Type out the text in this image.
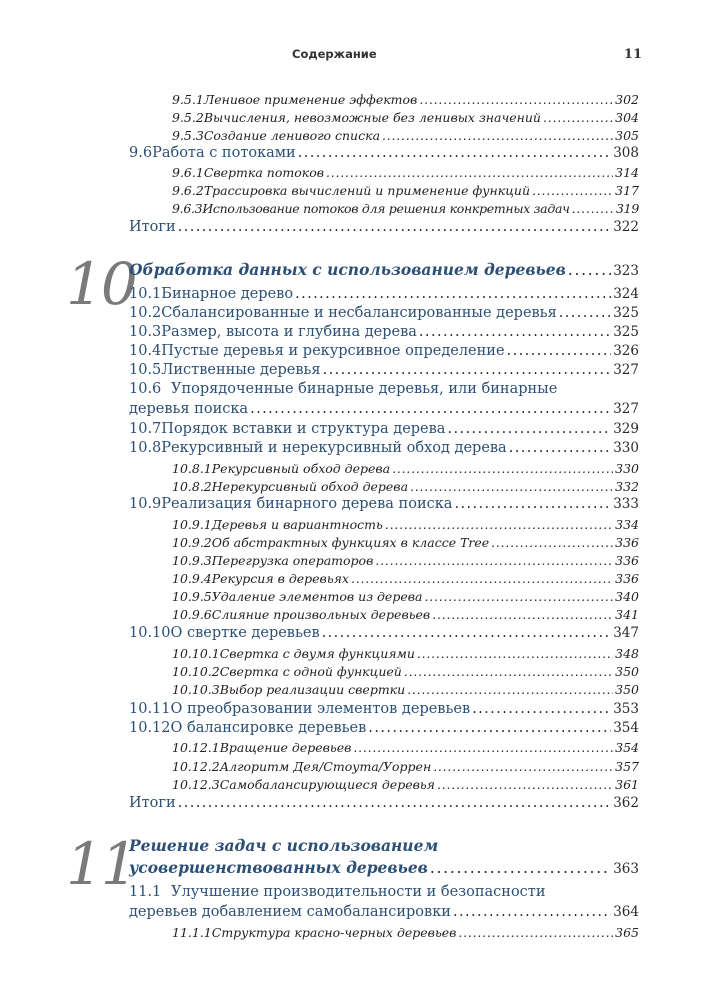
Содержание	11
9.5.1 Ленивое применение эффектов . . .	302
9.5.2 Вычисления, невозможные без ленивых значений . . .	304
9.5.3 Создание ленивого списка . . .	305
9.6 Работа с потоками . . .	308
9.6.1 Свертка потоков . . .	314
9.6.2 Трассировка вычислений и применение функций . . .	317
9.6.3 Использование потоков для решения конкретных задач . . .	319
Итоги . . .	322
10
Обработка данных с использованием деревьев . . .	323
10.1 Бинарное дерево . . .	324
10.2 Сбалансированные и несбалансированные деревья . . .	325
10.3 Размер, высота и глубина дерева . . .	325
10.4 Пустые деревья и рекурсивное определение . . .	326
10.5 Лиственные деревья . . .	327
10.6 Упорядоченные бинарные деревья, или бинарные
деревья поиска . . .	327
10.7 Порядок вставки и структура дерева . . .	329
10.8 Рекурсивный и нерекурсивный обход дерева . . .	330
10.8.1 Рекурсивный обход дерева . . .	330
10.8.2 Нерекурсивный обход дерева . . .	332
10.9 Реализация бинарного дерева поиска . . .	333
10.9.1 Деревья и вариантность . . .	334
10.9.2 Об абстрактных функциях в классе Tree . . .	336
10.9.3 Перегрузка операторов . . .	336
10.9.4 Рекурсия в деревьях . . .	336
10.9.5 Удаление элементов из дерева . . .	340
10.9.6 Слияние произвольных деревьев . . .	341
10.10 О свертке деревьев . . .	347
10.10.1 Свертка с двумя функциями . . .	348
10.10.2 Свертка с одной функцией . . .	350
10.10.3 Выбор реализации свертки . . .	350
10.11 О преобразовании элементов деревьев . . .	353
10.12 О балансировке деревьев . . .	354
10.12.1 Вращение деревьев . . .	354
10.12.2 Алгоритм Дея/Стоута/Уоррен . . .	357
10.12.3 Самобалансирующиеся деревья . . .	361
Итоги . . .	362
11
Решение задач с использованием
усовершенствованных деревьев . . .	363
11.1 Улучшение производительности и безопасности
деревьев добавлением самобалансировки . . .	364
11.1.1 Структура красно-черных деревьев . . .	365
